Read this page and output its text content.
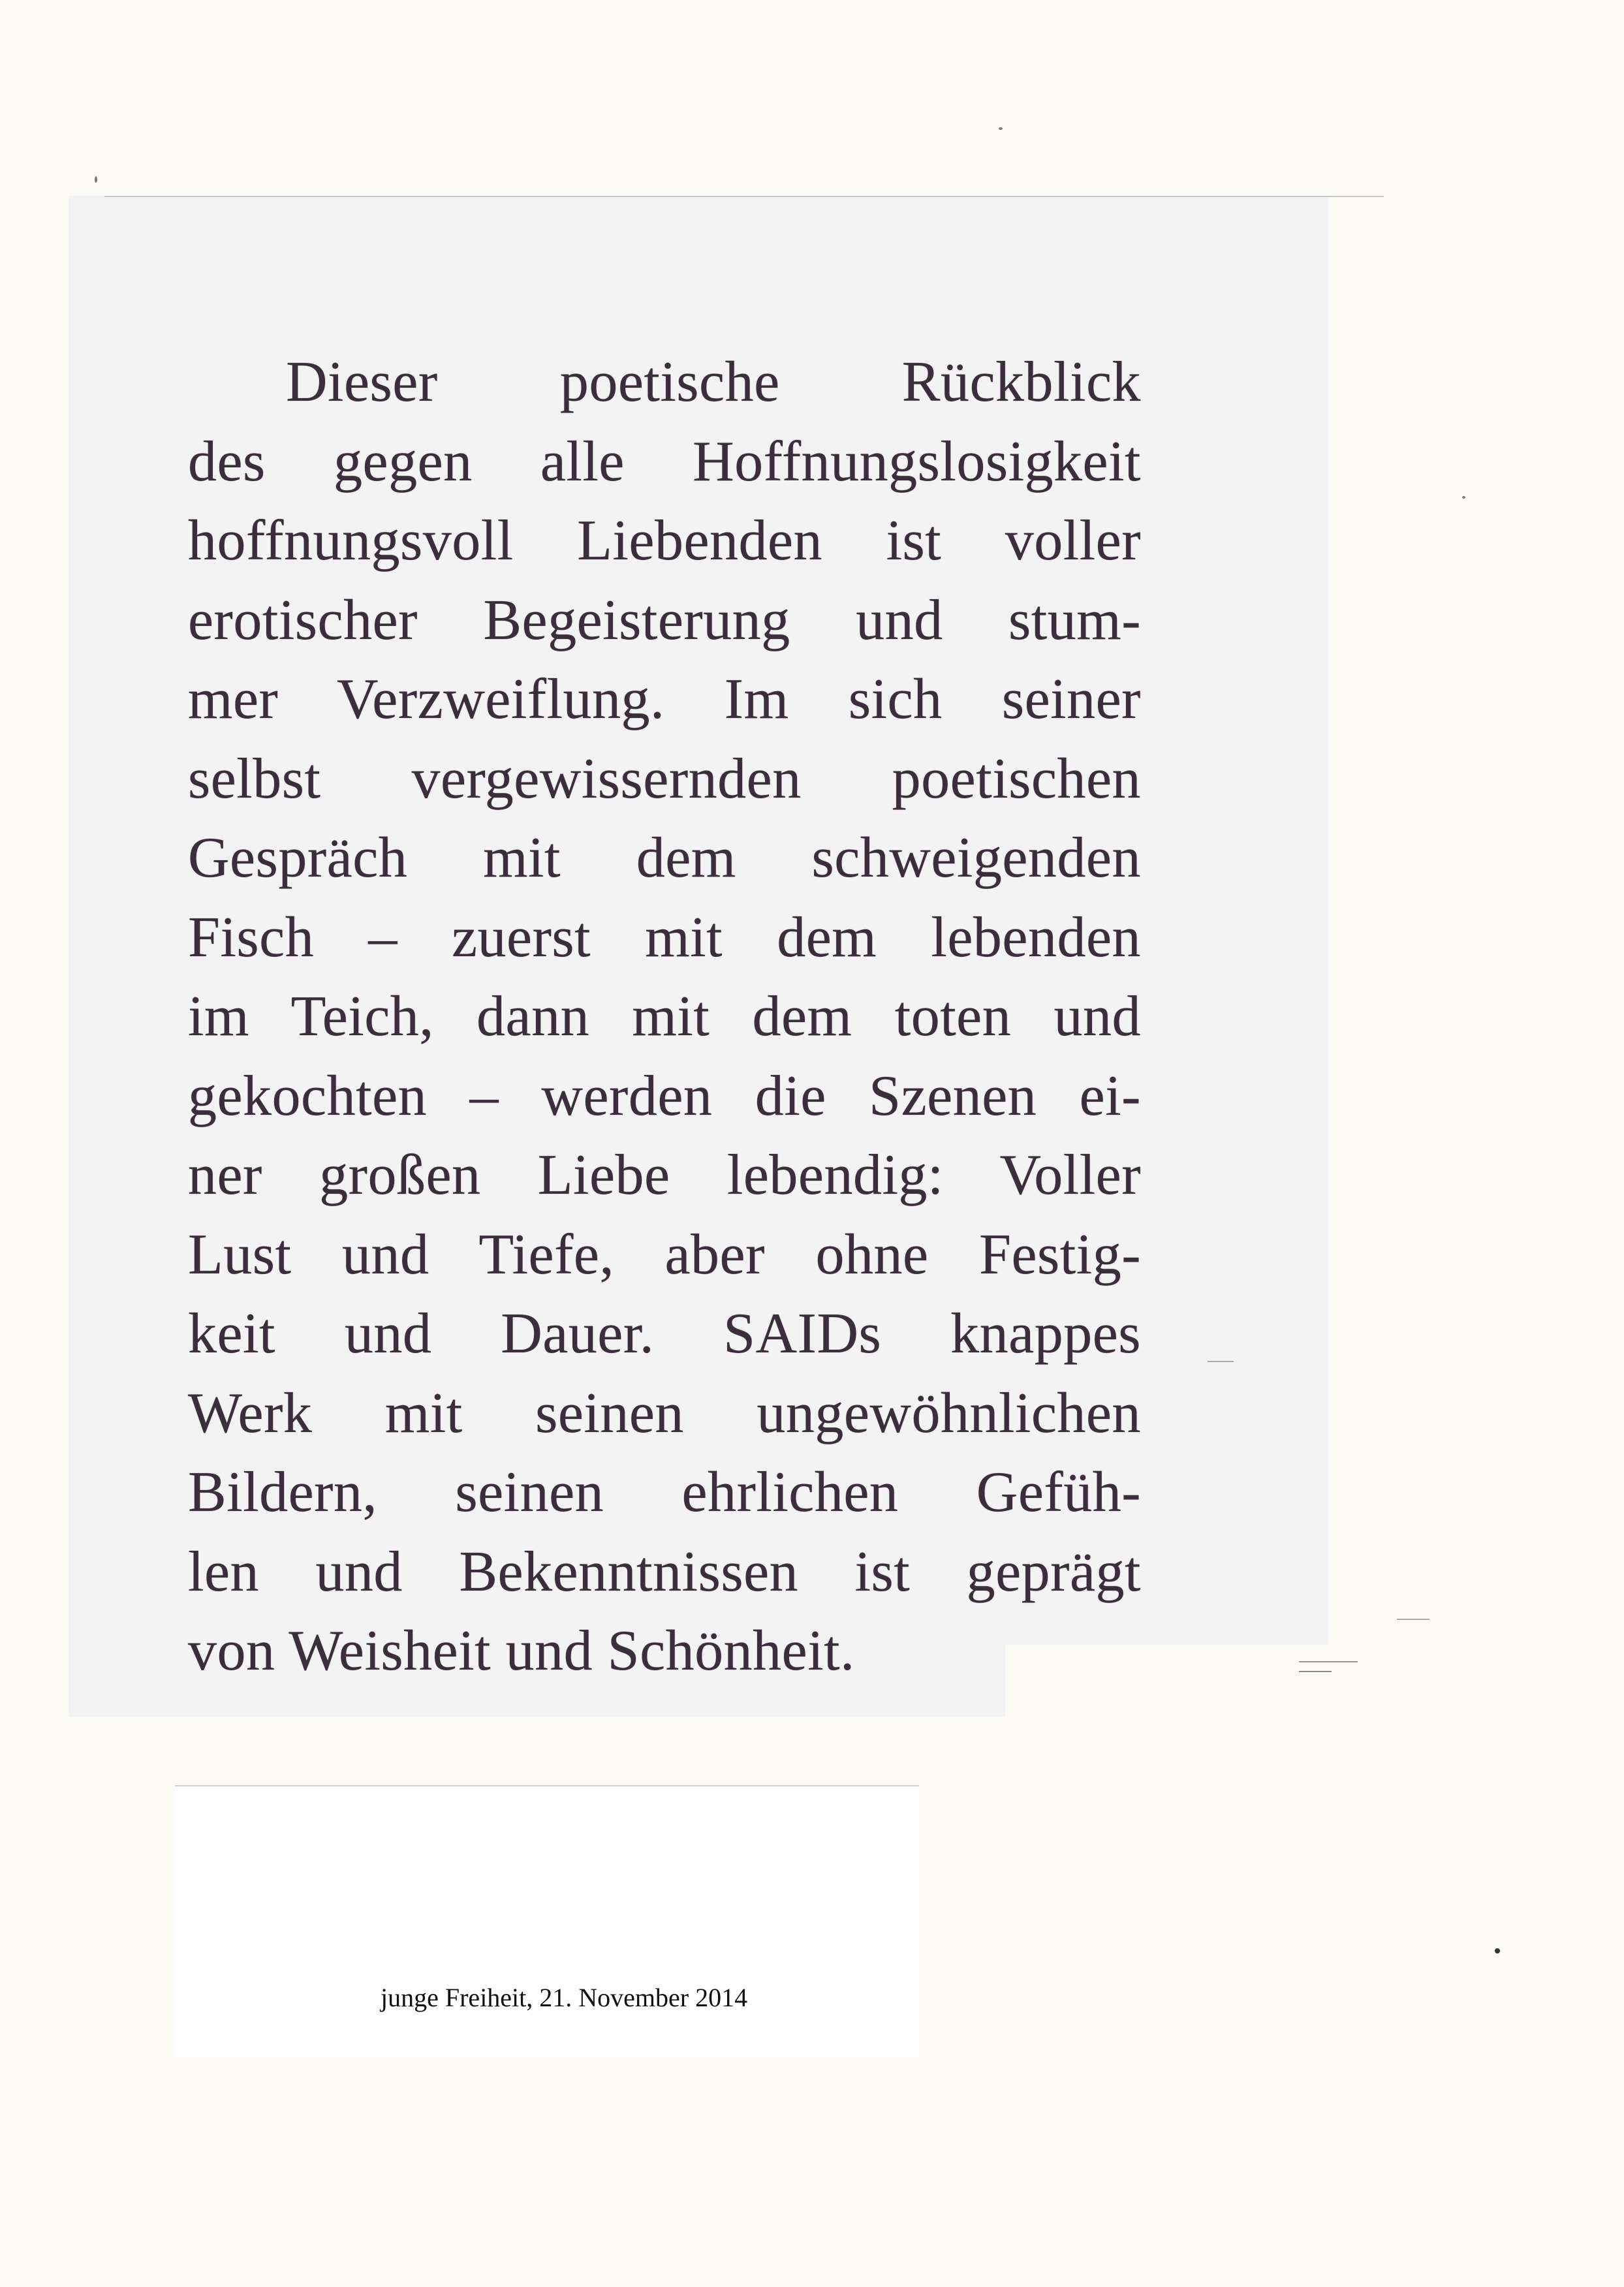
Dieser poetische Rückblick
des gegen alle Hoffnungslosigkeit
hoffnungsvoll Liebenden ist voller
erotischer Begeisterung und stum-
mer Verzweiflung. Im sich seiner
selbst vergewissernden poetischen
Gespräch mit dem schweigenden
Fisch – zuerst mit dem lebenden
im Teich, dann mit dem toten und
gekochten – werden die Szenen ei-
ner großen Liebe lebendig: Voller
Lust und Tiefe, aber ohne Festig-
keit und Dauer. SAIDs knappes
Werk mit seinen ungewöhnlichen
Bildern, seinen ehrlichen Gefüh-
len und Bekenntnissen ist geprägt
von Weisheit und Schönheit.
junge Freiheit, 21. November 2014
